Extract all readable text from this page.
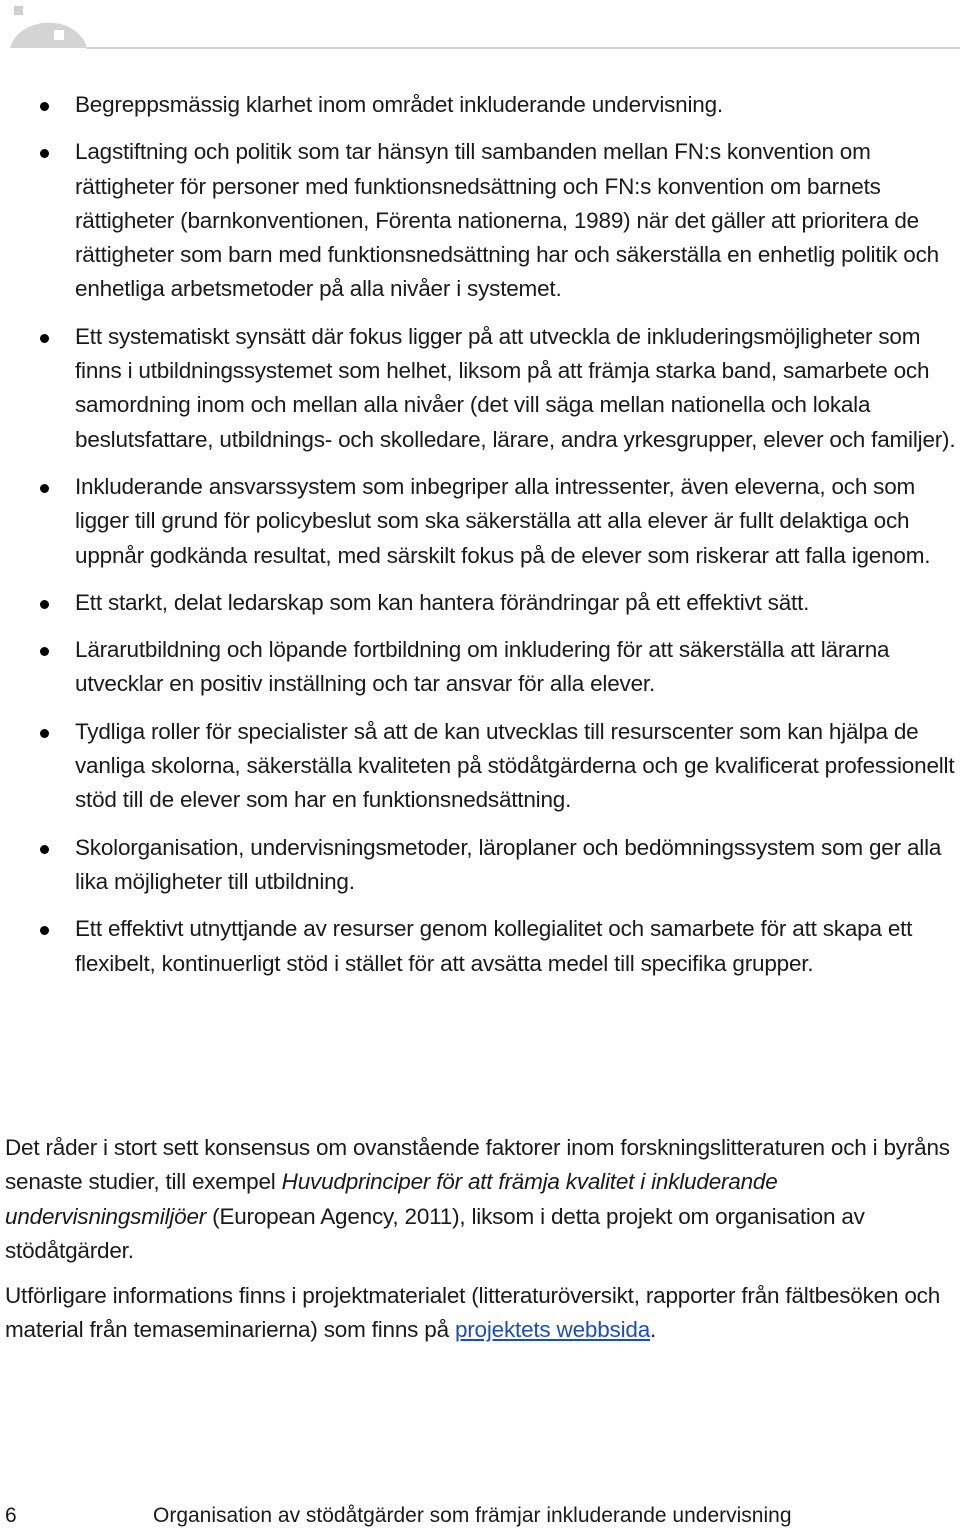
Begreppsmässig klarhet inom området inkluderande undervisning.
Lagstiftning och politik som tar hänsyn till sambanden mellan FN:s konvention om rättigheter för personer med funktionsnedsättning och FN:s konvention om barnets rättigheter (barnkonventionen, Förenta nationerna, 1989) när det gäller att prioritera de rättigheter som barn med funktionsnedsättning har och säkerställa en enhetlig politik och enhetliga arbetsmetoder på alla nivåer i systemet.
Ett systematiskt synsätt där fokus ligger på att utveckla de inkluderingsmöjligheter som finns i utbildningssystemet som helhet, liksom på att främja starka band, samarbete och samordning inom och mellan alla nivåer (det vill säga mellan nationella och lokala beslutsfattare, utbildnings- och skolledare, lärare, andra yrkesgrupper, elever och familjer).
Inkluderande ansvarssystem som inbegriper alla intressenter, även eleverna, och som ligger till grund för policybeslut som ska säkerställa att alla elever är fullt delaktiga och uppnår godkända resultat, med särskilt fokus på de elever som riskerar att falla igenom.
Ett starkt, delat ledarskap som kan hantera förändringar på ett effektivt sätt.
Lärarutbildning och löpande fortbildning om inkludering för att säkerställa att lärarna utvecklar en positiv inställning och tar ansvar för alla elever.
Tydliga roller för specialister så att de kan utvecklas till resurscenter som kan hjälpa de vanliga skolorna, säkerställa kvaliteten på stödåtgärderna och ge kvalificerat professionellt stöd till de elever som har en funktionsnedsättning.
Skolorganisation, undervisningsmetoder, läroplaner och bedömningssystem som ger alla lika möjligheter till utbildning.
Ett effektivt utnyttjande av resurser genom kollegialitet och samarbete för att skapa ett flexibelt, kontinuerligt stöd i stället för att avsätta medel till specifika grupper.

Det råder i stort sett konsensus om ovanstående faktorer inom forskningslitteraturen och i byråns senaste studier, till exempel Huvudprinciper för att främja kvalitet i inkluderande undervisningsmiljöer (European Agency, 2011), liksom i detta projekt om organisation av stödåtgärder.

Utförligare informations finns i projektmaterialet (litteraturöversikt, rapporter från fältbesöken och material från temaseminarierna) som finns på projektets webbsida.

6	Organisation av stödåtgärder som främjar inkluderande undervisning
